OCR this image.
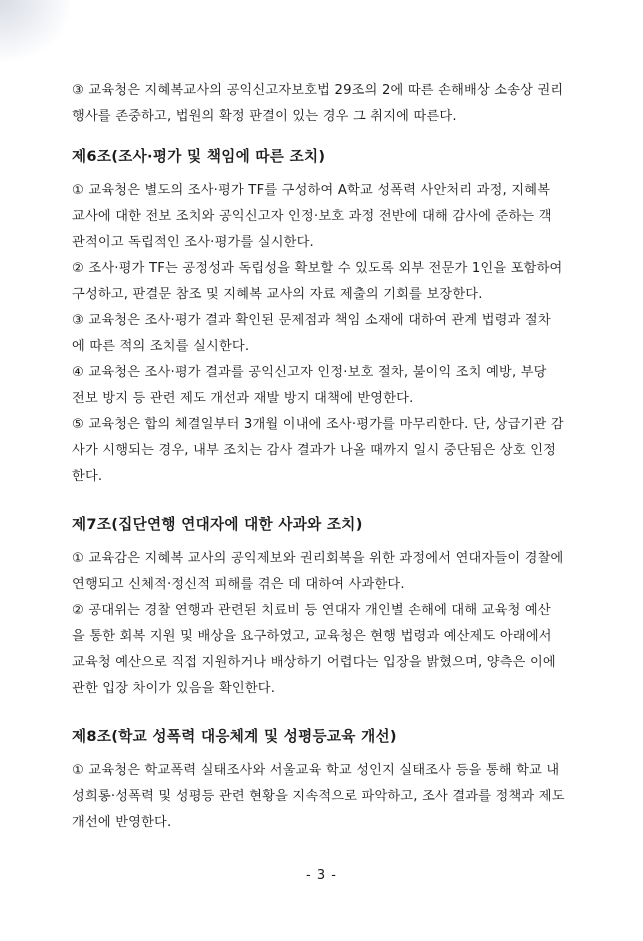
③ 교육청은 지혜복교사의 공익신고자보호법 29조의 2에 따른 손해배상 소송상 권리
행사를 존중하고, 법원의 확정 판결이 있는 경우 그 취지에 따른다.

제6조(조사·평가 및 책임에 따른 조치)

① 교육청은 별도의 조사·평가 TF를 구성하여 A학교 성폭력 사안처리 과정, 지혜복
교사에 대한 전보 조치와 공익신고자 인정·보호 과정 전반에 대해 감사에 준하는 객
관적이고 독립적인 조사·평가를 실시한다.

② 조사·평가 TF는 공정성과 독립성을 확보할 수 있도록 외부 전문가 1인을 포함하여
구성하고, 판결문 참조 및 지혜복 교사의 자료 제출의 기회를 보장한다.

③ 교육청은 조사·평가 결과 확인된 문제점과 책임 소재에 대하여 관계 법령과 절차
에 따른 적의 조치를 실시한다.

④ 교육청은 조사·평가 결과를 공익신고자 인정·보호 절차, 불이익 조치 예방, 부당
전보 방지 등 관련 제도 개선과 재발 방지 대책에 반영한다.

⑤ 교육청은 합의 체결일부터 3개월 이내에 조사·평가를 마무리한다. 단, 상급기관 감
사가 시행되는 경우, 내부 조치는 감사 결과가 나올 때까지 일시 중단됨은 상호 인정
한다.

제7조(집단연행 연대자에 대한 사과와 조치)

① 교육감은 지혜복 교사의 공익제보와 권리회복을 위한 과정에서 연대자들이 경찰에
연행되고 신체적·정신적 피해를 겪은 데 대하여 사과한다.

② 공대위는 경찰 연행과 관련된 치료비 등 연대자 개인별 손해에 대해 교육청 예산
을 통한 회복 지원 및 배상을 요구하였고, 교육청은 현행 법령과 예산제도 아래에서
교육청 예산으로 직접 지원하거나 배상하기 어렵다는 입장을 밝혔으며, 양측은 이에
관한 입장 차이가 있음을 확인한다.

제8조(학교 성폭력 대응체계 및 성평등교육 개선)

① 교육청은 학교폭력 실태조사와 서울교육 학교 성인지 실태조사 등을 통해 학교 내
성희롱·성폭력 및 성평등 관련 현황을 지속적으로 파악하고, 조사 결과를 정책과 제도
개선에 반영한다.

- 3 -
